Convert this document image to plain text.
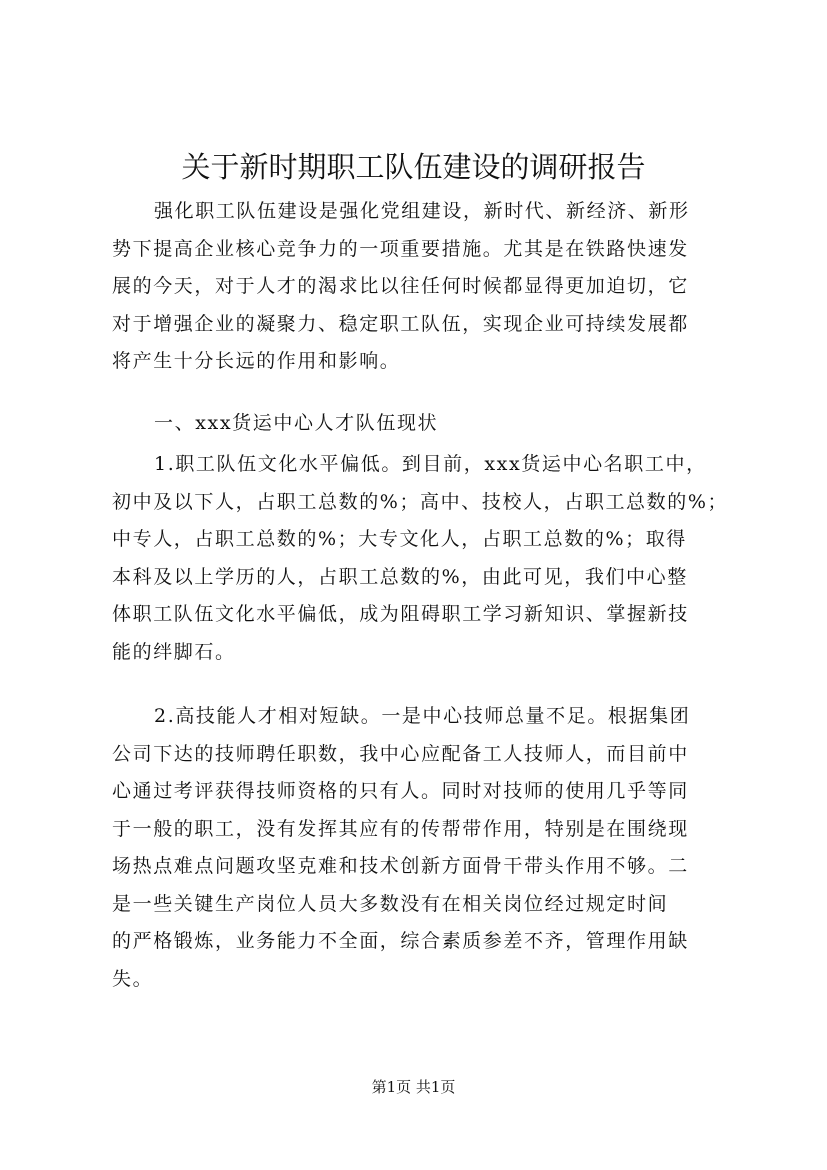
关于新时期职工队伍建设的调研报告
强化职工队伍建设是强化党组建设，新时代、新经济、新形
势下提高企业核心竞争力的一项重要措施。尤其是在铁路快速发
展的今天，对于人才的渴求比以往任何时候都显得更加迫切，它
对于增强企业的凝聚力、稳定职工队伍，实现企业可持续发展都
将产生十分长远的作用和影响。
一、xxx货运中心人才队伍现状
1.职工队伍文化水平偏低。到目前，xxx货运中心名职工中，
初中及以下人，占职工总数的%；高中、技校人，占职工总数的%；
中专人，占职工总数的%；大专文化人，占职工总数的%；取得
本科及以上学历的人，占职工总数的%，由此可见，我们中心整
体职工队伍文化水平偏低，成为阻碍职工学习新知识、掌握新技
能的绊脚石。
2.高技能人才相对短缺。一是中心技师总量不足。根据集团
公司下达的技师聘任职数，我中心应配备工人技师人，而目前中
心通过考评获得技师资格的只有人。同时对技师的使用几乎等同
于一般的职工，没有发挥其应有的传帮带作用，特别是在围绕现
场热点难点问题攻坚克难和技术创新方面骨干带头作用不够。二
是一些关键生产岗位人员大多数没有在相关岗位经过规定时间
的严格锻炼，业务能力不全面，综合素质参差不齐，管理作用缺
失。
第1页 共1页
